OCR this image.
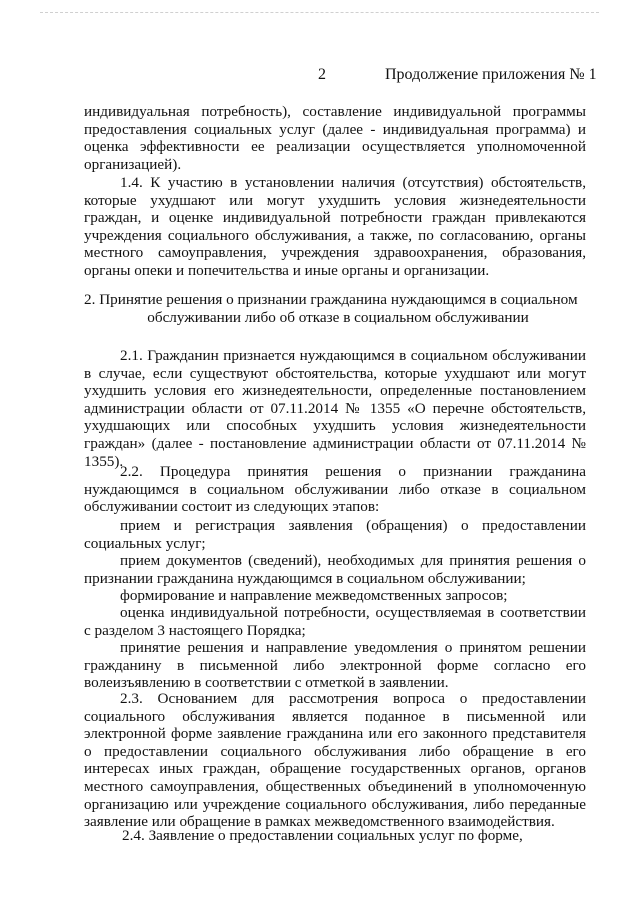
2	Продолжение приложения № 1

индивидуальная потребность), составление индивидуальной программы предоставления социальных услуг (далее - индивидуальная программа) и оценка эффективности ее реализации осуществляется уполномоченной организацией).

1.4. К участию в установлении наличия (отсутствия) обстоятельств, которые ухудшают или могут ухудшить условия жизнедеятельности граждан, и оценке индивидуальной потребности граждан привлекаются учреждения социального обслуживания, а также, по согласованию, органы местного самоуправления, учреждения здравоохранения, образования, органы опеки и попечительства и иные органы и организации.

2. Принятие решения о признании гражданина нуждающимся в социальном
обслуживании либо об отказе в социальном обслуживании

2.1. Гражданин признается нуждающимся в социальном обслуживании в случае, если существуют обстоятельства, которые ухудшают или могут ухудшить условия его жизнедеятельности, определенные постановлением администрации области от 07.11.2014 № 1355 «О перечне обстоятельств, ухудшающих или способных ухудшить условия жизнедеятельности граждан» (далее - постановление администрации области от 07.11.2014 № 1355).

2.2. Процедура принятия решения о признании гражданина нуждающимся в социальном обслуживании либо отказе в социальном обслуживании состоит из следующих этапов:

прием и регистрация заявления (обращения) о предоставлении социальных услуг;

прием документов (сведений), необходимых для принятия решения о признании гражданина нуждающимся в социальном обслуживании;

формирование и направление межведомственных запросов;

оценка индивидуальной потребности, осуществляемая в соответствии с разделом 3 настоящего Порядка;

принятие решения и направление уведомления о принятом решении гражданину в письменной либо электронной форме согласно его волеизъявлению в соответствии с отметкой в заявлении.

2.3. Основанием для рассмотрения вопроса о предоставлении социального обслуживания является поданное в письменной или электронной форме заявление гражданина или его законного представителя о предоставлении социального обслуживания либо обращение в его интересах иных граждан, обращение государственных органов, органов местного самоуправления, общественных объединений в уполномоченную организацию или учреждение социального обслуживания, либо переданные заявление или обращение в рамках межведомственного взаимодействия.

2.4. Заявление о предоставлении социальных услуг по форме,
